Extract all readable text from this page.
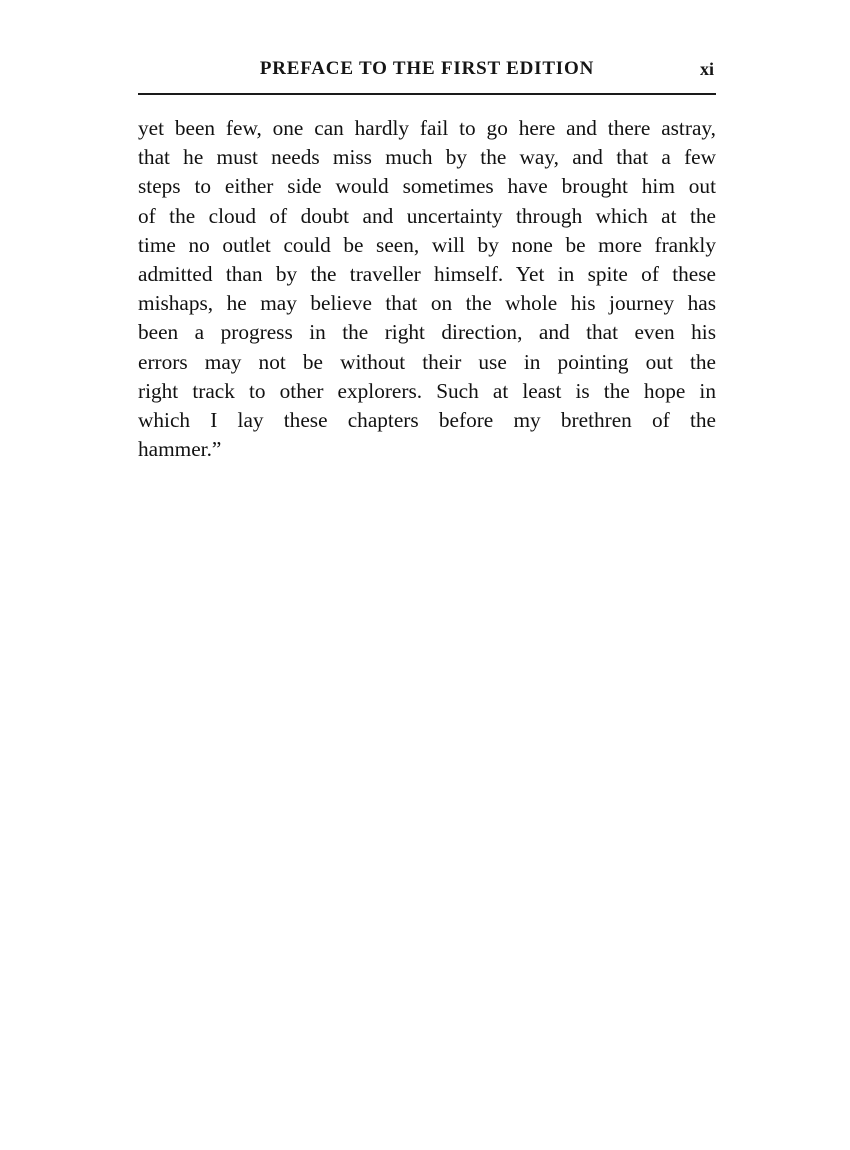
PREFACE TO THE FIRST EDITION	xi
yet been few, one can hardly fail to go here and there astray,
that he must needs miss much by the way, and that a few
steps to either side would sometimes have brought him out
of the cloud of doubt and uncertainty through which at the
time no outlet could be seen, will by none be more frankly
admitted than by the traveller himself. Yet in spite of these
mishaps, he may believe that on the whole his journey has
been a progress in the right direction, and that even his
errors may not be without their use in pointing out the
right track to other explorers. Such at least is the hope in
which I lay these chapters before my brethren of the
hammer.”
